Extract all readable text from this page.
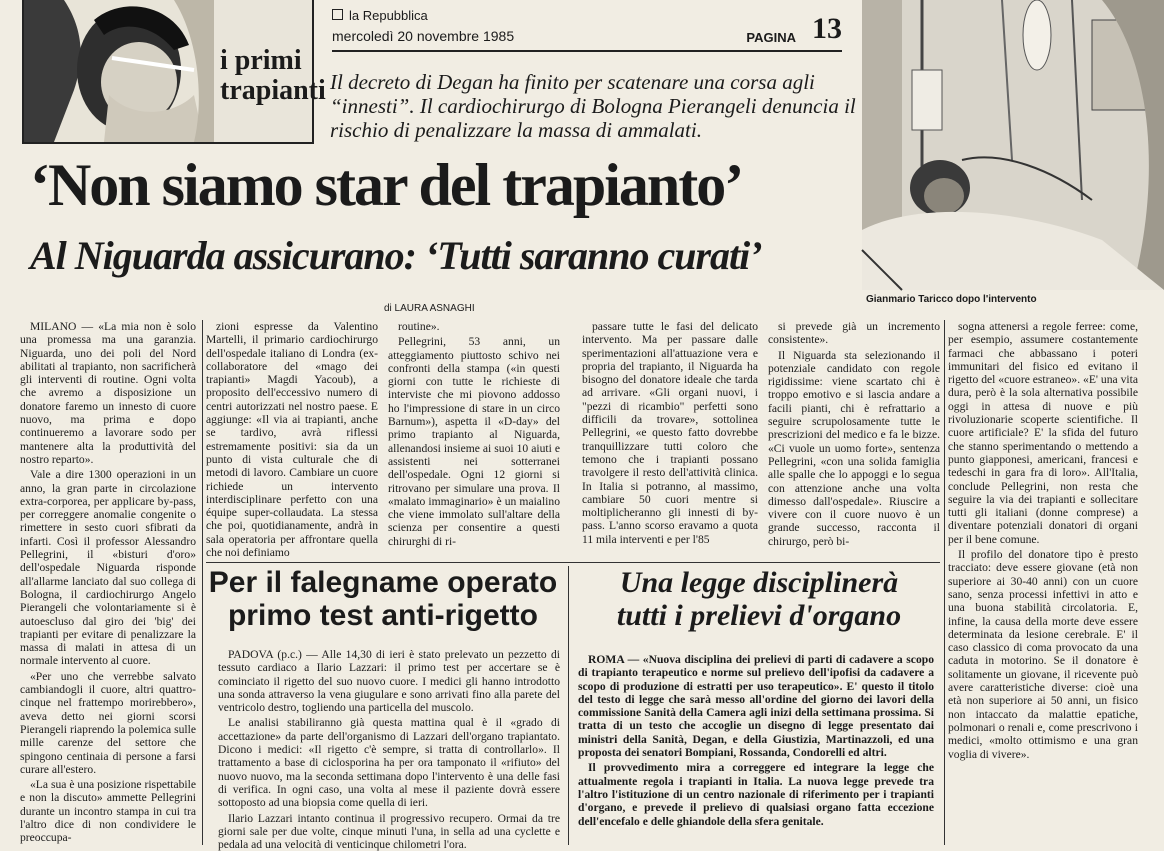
i primi trapianti
la Repubblica
mercoledì 20 novembre 1985	PAGINA 13
Il decreto di Degan ha finito per scatenare una corsa agli “innesti”. Il cardiochirurgo di Bologna Pierangeli denuncia il rischio di penalizzare la massa di ammalati.
‘Non siamo star del trapianto’
Al Niguarda assicurano: ‘Tutti saranno curati’
di LAURA ASNAGHI
Gianmario Taricco dopo l'intervento

MILANO — «La mia non è solo una promessa ma una garanzia. Niguarda, uno dei poli del Nord abilitati al trapianto, non sacrificherà gli interventi di routine. Ogni volta che avremo a disposizione un donatore faremo un innesto di cuore nuovo, ma prima e dopo continueremo a lavorare sodo per mantenere alta la produttività del nostro reparto».

Vale a dire 1300 operazioni in un anno, la gran parte in circolazione extra-corporea, per applicare by-pass, per correggere anomalie congenite o rimettere in sesto cuori sfibrati da infarti. Così il professor Alessandro Pellegrini, il «bisturi d'oro» dell'ospedale Niguarda risponde all'allarme lanciato dal suo collega di Bologna, il cardiochirurgo Angelo Pierangeli che volontariamente si è autoescluso dal giro dei 'big' dei trapianti per evitare di penalizzare la massa di malati in attesa di un normale intervento al cuore.

«Per uno che verrebbe salvato cambiandogli il cuore, altri quattro-cinque nel frattempo morirebbero», aveva detto nei giorni scorsi Pierangeli riaprendo la polemica sulle mille carenze del settore che spingono centinaia di persone a farsi curare all'estero.

«La sua è una posizione rispettabile e non la discuto» ammette Pellegrini durante un incontro stampa in cui tra l'altro dice di non condividere le preoccupa-

zioni espresse da Valentino Martelli, il primario cardiochirurgo dell'ospedale italiano di Londra (ex-collaboratore del «mago dei trapianti» Magdi Yacoub), a proposito dell'eccessivo numero di centri autorizzati nel nostro paese. E aggiunge: «Il via ai trapianti, anche se tardivo, avrà riflessi estremamente positivi: sia da un punto di vista culturale che di metodi di lavoro. Cambiare un cuore richiede un intervento interdisciplinare perfetto con una équipe super-collaudata. La stessa che poi, quotidianamente, andrà in sala operatoria per affrontare quella che noi definiamo

routine».

Pellegrini, 53 anni, un atteggiamento piuttosto schivo nei confronti della stampa («in questi giorni con tutte le richieste di interviste che mi piovono addosso ho l'impressione di stare in un circo Barnum»), aspetta il «D-day» del primo trapianto al Niguarda, allenandosi insieme ai suoi 10 aiuti e assistenti nei sotterranei dell'ospedale. Ogni 12 giorni si ritrovano per simulare una prova. Il «malato immaginario» è un maialino che viene immolato sull'altare della scienza per consentire a questi chirurghi di ri-

passare tutte le fasi del delicato intervento. Ma per passare dalle sperimentazioni all'attuazione vera e propria del trapianto, il Niguarda ha bisogno del donatore ideale che tarda ad arrivare. «Gli organi nuovi, i "pezzi di ricambio" perfetti sono difficili da trovare», sottolinea Pellegrini, «e questo fatto dovrebbe tranquillizzare tutti coloro che temono che i trapianti possano travolgere il resto dell'attività clinica. In Italia si potranno, al massimo, cambiare 50 cuori mentre si moltiplicheranno gli innesti di by-pass. L'anno scorso eravamo a quota 11 mila interventi e per l'85

si prevede già un incremento consistente».

Il Niguarda sta selezionando il potenziale candidato con regole rigidissime: viene scartato chi è troppo emotivo e si lascia andare a facili pianti, chi è refrattario a seguire scrupolosamente tutte le prescrizioni del medico e fa le bizze. «Ci vuole un uomo forte», sentenza Pellegrini, «con una solida famiglia alle spalle che lo appoggi e lo segua con attenzione anche una volta dimesso dall'ospedale». Riuscire a vivere con il cuore nuovo è un grande successo, racconta il chirurgo, però bi-

sogna attenersi a regole ferree: come, per esempio, assumere costantemente farmaci che abbassano i poteri immunitari del fisico ed evitano il rigetto del «cuore estraneo». «E' una vita dura, però è la sola alternativa possibile oggi in attesa di nuove e più rivoluzionarie scoperte scientifiche. Il cuore artificiale? E' la sfida del futuro che stanno sperimentando o mettendo a punto giapponesi, americani, francesi e tedeschi in gara fra di loro». All'Italia, conclude Pellegrini, non resta che seguire la via dei trapianti e sollecitare tutti gli italiani (donne comprese) a diventare potenziali donatori di organi per il bene comune.

Il profilo del donatore tipo è presto tracciato: deve essere giovane (età non superiore ai 30-40 anni) con un cuore sano, senza processi infettivi in atto e una buona stabilità circolatoria. E, infine, la causa della morte deve essere determinata da lesione cerebrale. E' il caso classico di coma provocato da una caduta in motorino. Se il donatore è solitamente un giovane, il ricevente può avere caratteristiche diverse: cioè una età non superiore ai 50 anni, un fisico non intaccato da malattie epatiche, polmonari o renali e, come prescrivono i medici, «molto ottimismo e una gran voglia di vivere».

Per il falegname operato
primo test anti-rigetto

PADOVA (p.c.) — Alle 14,30 di ieri è stato prelevato un pezzetto di tessuto cardiaco a Ilario Lazzari: il primo test per accertare se è cominciato il rigetto del suo nuovo cuore. I medici gli hanno introdotto una sonda attraverso la vena giugulare e sono arrivati fino alla parete del ventricolo destro, togliendo una particella del muscolo.

Le analisi stabiliranno già questa mattina qual è il «grado di accettazione» da parte dell'organismo di Lazzari dell'organo trapiantato. Dicono i medici: «Il rigetto c'è sempre, si tratta di controllarlo». Il trattamento a base di ciclosporina ha per ora tamponato il «rifiuto» del nuovo nuovo, ma la seconda settimana dopo l'intervento è una delle fasi di verifica. In ogni caso, una volta al mese il paziente dovrà essere sottoposto ad una biopsia come quella di ieri.

Ilario Lazzari intanto continua il progressivo recupero. Ormai da tre giorni sale per due volte, cinque minuti l'una, in sella ad una cyclette e pedala ad una velocità di venticinque chilometri l'ora.

Una legge disciplinerà
tutti i prelievi d'organo

ROMA — «Nuova disciplina dei prelievi di parti di cadavere a scopo di trapianto terapeutico e norme sul prelievo dell'ipofisi da cadavere a scopo di produzione di estratti per uso terapeutico». E' questo il titolo del testo di legge che sarà messo all'ordine del giorno dei lavori della commissione Sanità della Camera agli inizi della settimana prossima. Si tratta di un testo che accoglie un disegno di legge presentato dai ministri della Sanità, Degan, e della Giustizia, Martinazzoli, ed una proposta dei senatori Bompiani, Rossanda, Condorelli ed altri.

Il provvedimento mira a correggere ed integrare la legge che attualmente regola i trapianti in Italia. La nuova legge prevede tra l'altro l'istituzione di un centro nazionale di riferimento per i trapianti d'organo, e prevede il prelievo di qualsiasi organo fatta eccezione dell'encefalo e delle ghiandole della sfera genitale.
